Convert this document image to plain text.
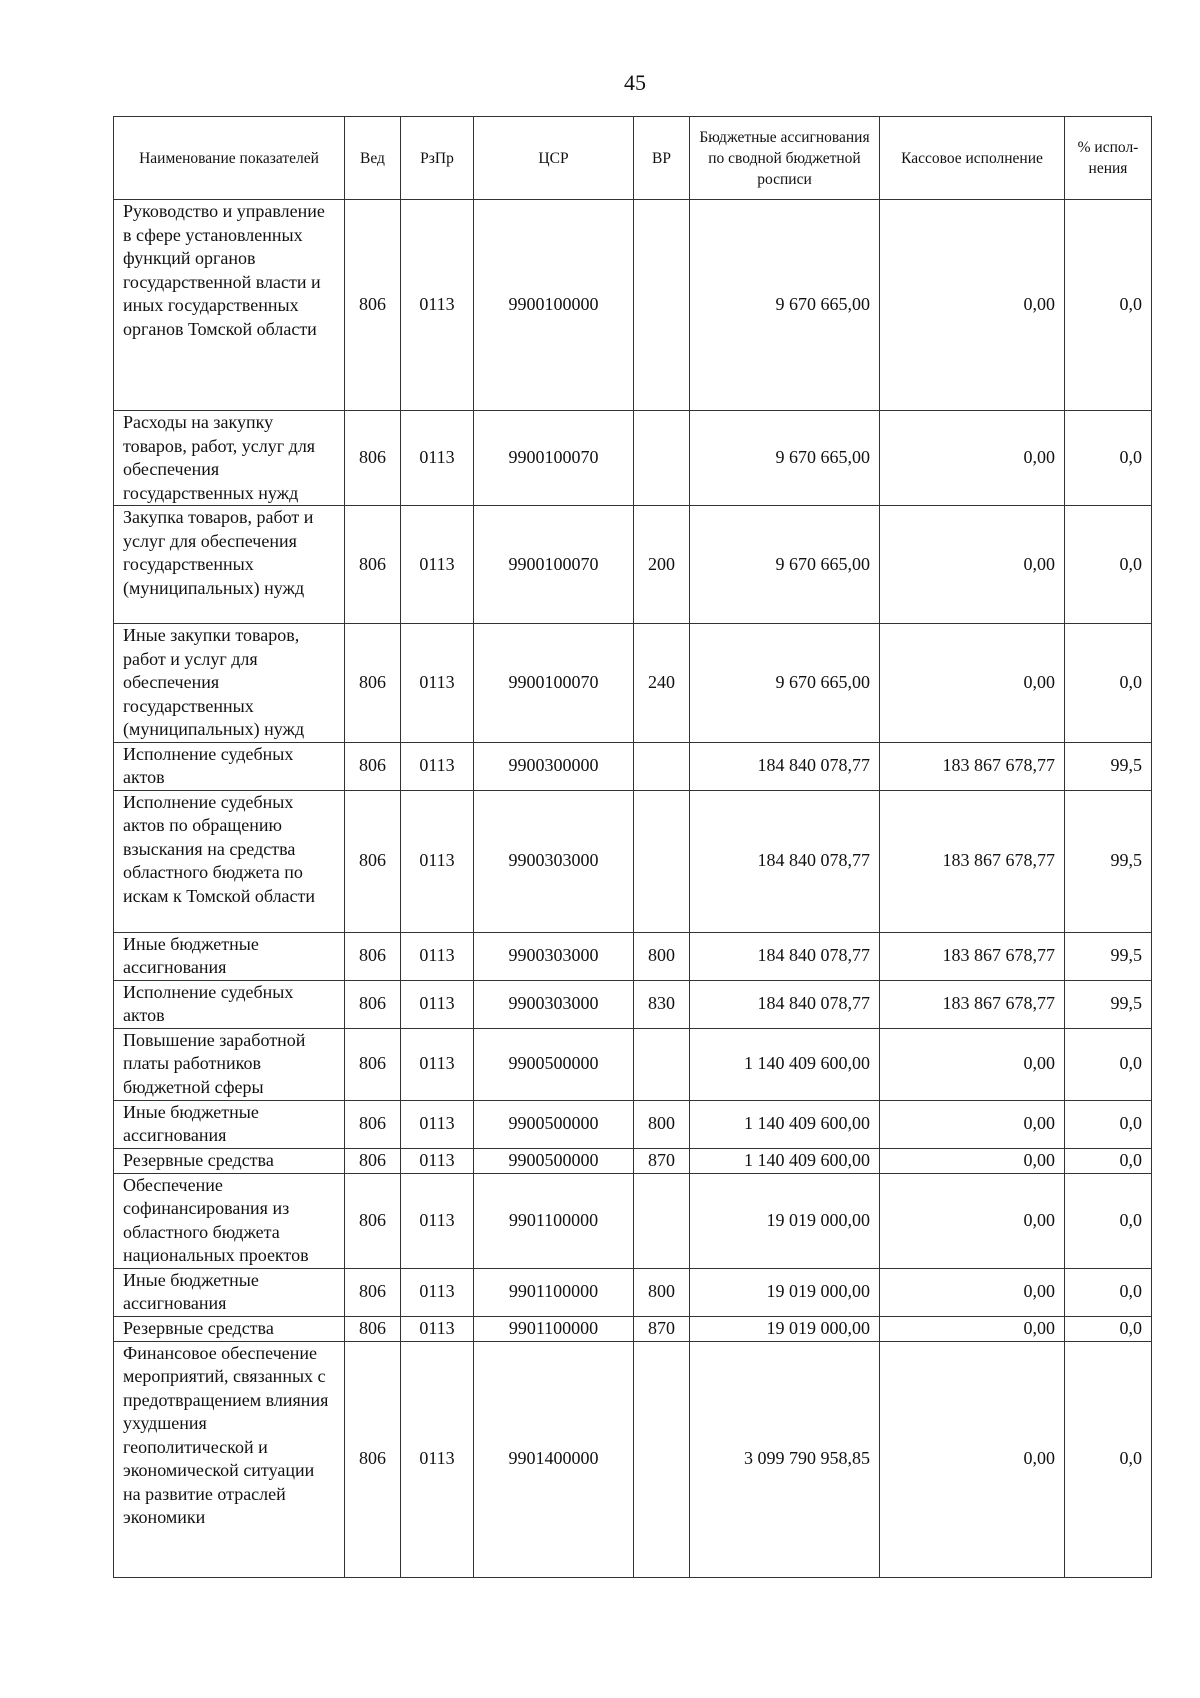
45
Наименование показателей	Вед	РзПр	ЦСР	ВР	Бюджетные ассигнования по сводной бюджетной росписи	Кассовое исполнение	% испол-нения
Руководство и управление в сфере установленных функций органов государственной власти и иных государственных органов Томской области	806	0113	9900100000		9 670 665,00	0,00	0,0
Расходы на закупку товаров, работ, услуг для обеспечения государственных нужд	806	0113	9900100070		9 670 665,00	0,00	0,0
Закупка товаров, работ и услуг для обеспечения государственных (муниципальных) нужд	806	0113	9900100070	200	9 670 665,00	0,00	0,0
Иные закупки товаров, работ и услуг для обеспечения государственных (муниципальных) нужд	806	0113	9900100070	240	9 670 665,00	0,00	0,0
Исполнение судебных актов	806	0113	9900300000		184 840 078,77	183 867 678,77	99,5
Исполнение судебных актов по обращению взыскания на средства областного бюджета по искам к Томской области	806	0113	9900303000		184 840 078,77	183 867 678,77	99,5
Иные бюджетные ассигнования	806	0113	9900303000	800	184 840 078,77	183 867 678,77	99,5
Исполнение судебных актов	806	0113	9900303000	830	184 840 078,77	183 867 678,77	99,5
Повышение заработной платы работников бюджетной сферы	806	0113	9900500000		1 140 409 600,00	0,00	0,0
Иные бюджетные ассигнования	806	0113	9900500000	800	1 140 409 600,00	0,00	0,0
Резервные средства	806	0113	9900500000	870	1 140 409 600,00	0,00	0,0
Обеспечение софинансирования из областного бюджета национальных проектов	806	0113	9901100000		19 019 000,00	0,00	0,0
Иные бюджетные ассигнования	806	0113	9901100000	800	19 019 000,00	0,00	0,0
Резервные средства	806	0113	9901100000	870	19 019 000,00	0,00	0,0
Финансовое обеспечение мероприятий, связанных с предотвращением влияния ухудшения геополитической и экономической ситуации на развитие отраслей экономики	806	0113	9901400000		3 099 790 958,85	0,00	0,0
